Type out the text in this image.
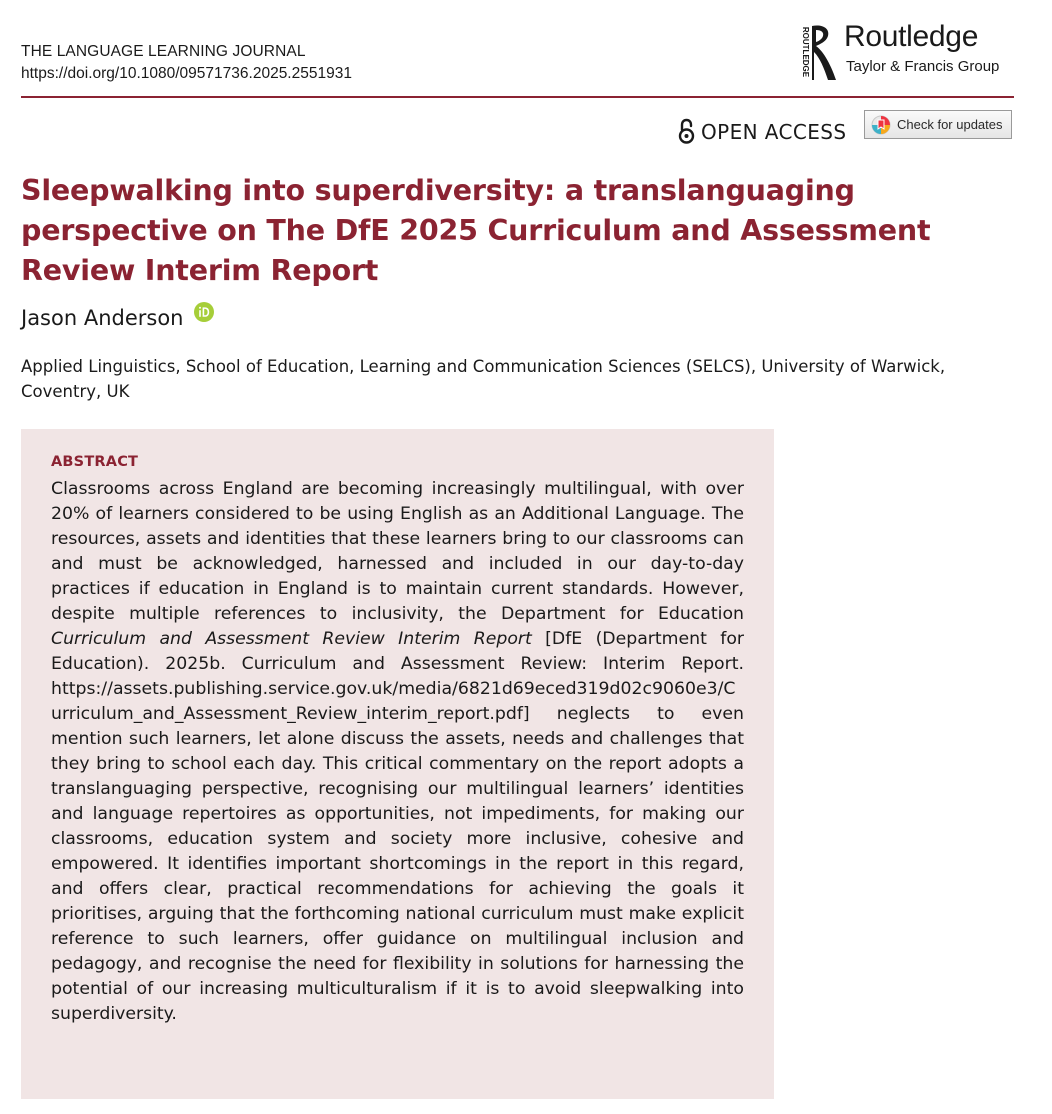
THE LANGUAGE LEARNING JOURNAL
https://doi.org/10.1080/09571736.2025.2551931	ROUTLEDGE Routledge
Taylor & Francis Group
OPEN ACCESS	Check for updates
Sleepwalking into superdiversity: a translanguaging perspective on The DfE 2025 Curriculum and Assessment Review Interim Report
Jason Anderson
Applied Linguistics, School of Education, Learning and Communication Sciences (SELCS), University of Warwick, Coventry, UK
ABSTRACT

Classrooms across England are becoming increasingly multilingual, with over 20% of learners considered to be using English as an Additional Language. The resources, assets and identities that these learners bring to our classrooms can and must be acknowledged, harnessed and included in our day-to-day practices if education in England is to maintain current standards. However, despite multiple references to inclusivity, the Department for Education Curriculum and Assessment Review Interim Report [DfE (Department for Education). 2025b. Curriculum and Assessment Review: Interim Report. https://assets.publishing.service.gov.uk/media/6821d69eced319d02c9060e3/Curriculum_and_Assessment_Review_interim_report.pdf] neglects to even mention such learners, let alone discuss the assets, needs and challenges that they bring to school each day. This critical commentary on the report adopts a translanguaging perspective, recognising our multilingual learners’ identities and language repertoires as opportunities, not impediments, for making our classrooms, education system and society more inclusive, cohesive and empowered. It identifies important shortcomings in the report in this regard, and offers clear, practical recommendations for achieving the goals it prioritises, arguing that the forthcoming national curriculum must make explicit reference to such learners, offer guidance on multilingual inclusion and pedagogy, and recognise the need for flexibility in solutions for harnessing the potential of our increasing multiculturalism if it is to avoid sleepwalking into superdiversity.
